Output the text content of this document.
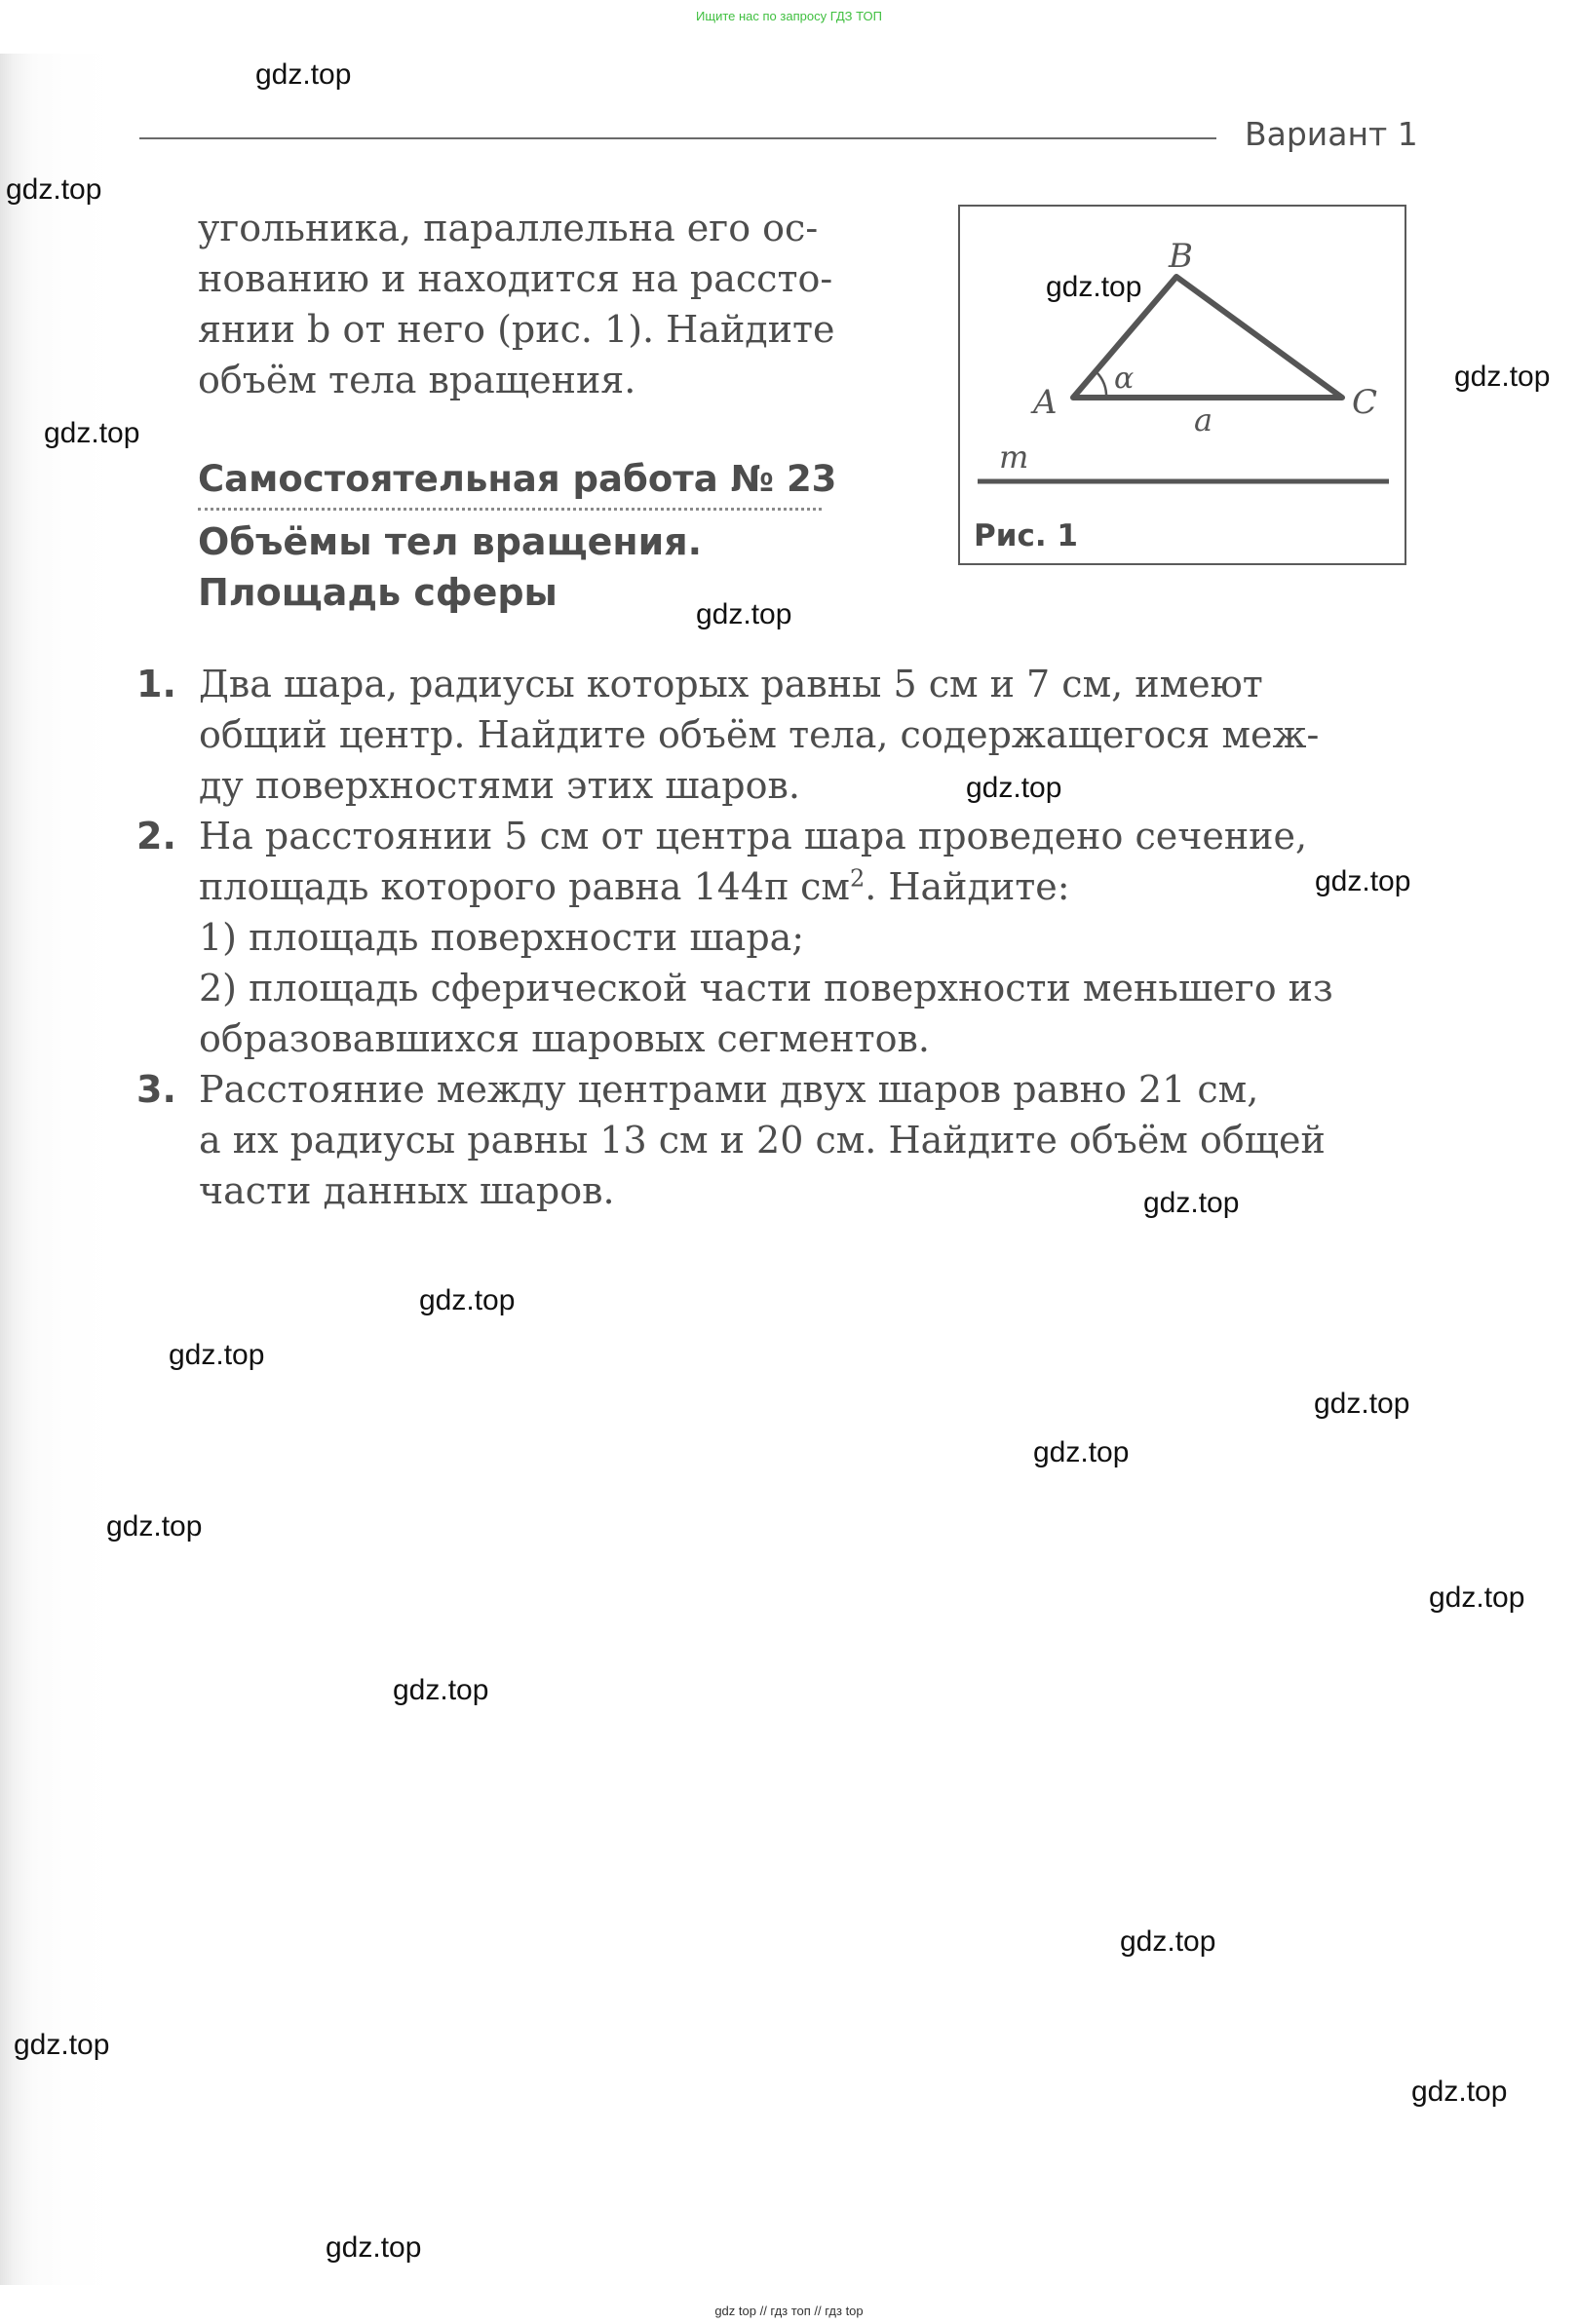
Ищите нас по запросу ГДЗ ТОП
Вариант 1
угольника, параллельна его ос-
нованию и находится на рассто-
янии b от него (рис. 1). Найдите
объём тела вращения.
Самостоятельная работа № 23
Объёмы тел вращения.
Площадь сферы
A
B
C
α
a
m
Рис. 1
1. Два шара, радиусы которых равны 5 см и 7 см, имеют
общий центр. Найдите объём тела, содержащегося меж-
ду поверхностями этих шаров.
2. На расстоянии 5 см от центра шара проведено сечение,
площадь которого равна 144π $см^2$. Найдите:
1) площадь поверхности шара;
2) площадь сферической части поверхности меньшего из
образовавшихся шаровых сегментов.
3. Расстояние между центрами двух шаров равно 21 см,
а их радиусы равны 13 см и 20 см. Найдите объём общей
части данных шаров.
gdz.top
gdz.top
gdz.top
gdz.top
gdz.top
gdz.top
gdz.top
gdz.top
gdz.top
gdz.top
gdz.top
gdz.top
gdz.top
gdz.top
gdz.top
gdz.top
gdz.top
gdz.top
gdz.top
gdz.top
gdz top // гдз топ // гдз top
